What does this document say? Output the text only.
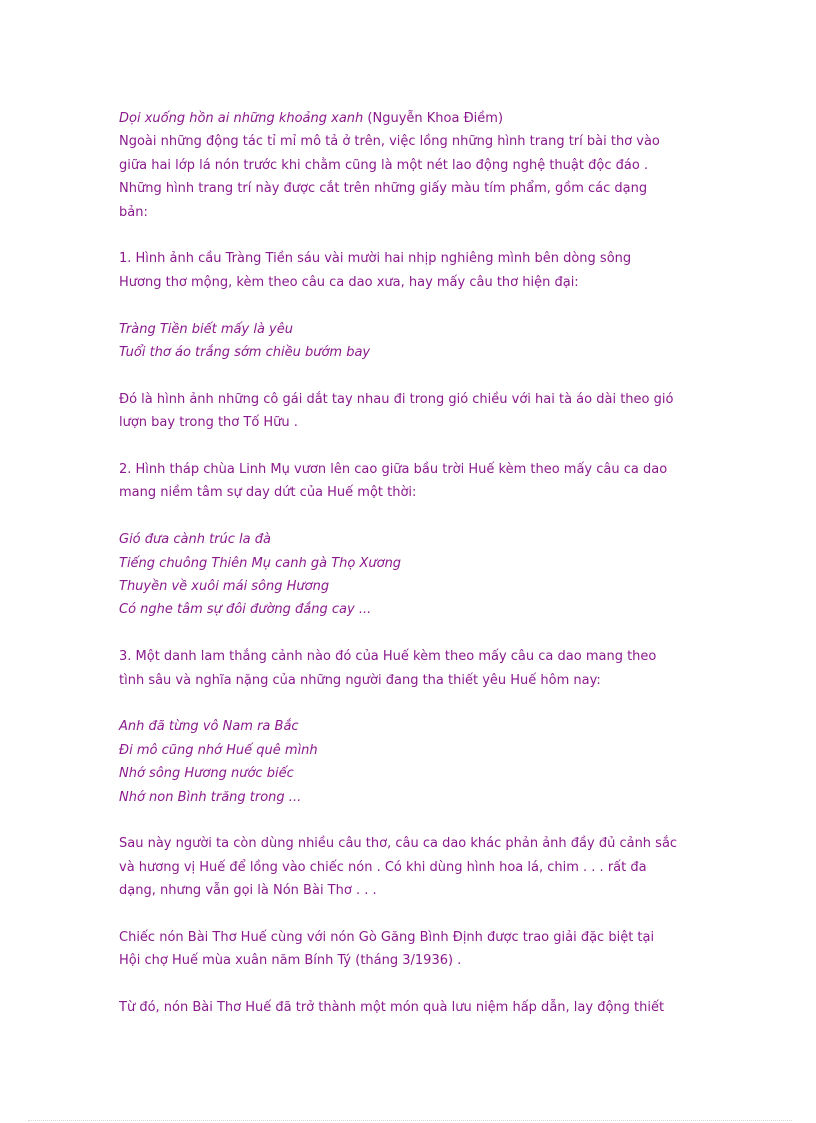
Dọi xuống hồn ai những khoảng xanh (Nguyễn Khoa Điềm)
Ngoài những động tác tỉ mỉ mô tả ở trên, việc lồng những hình trang trí bài thơ vào
giữa hai lớp lá nón trước khi chằm cũng là một nét lao động nghệ thuật độc đáo .
Những hình trang trí này được cắt trên những giấy màu tím phẩm, gồm các dạng
bản:
1. Hình ảnh cầu Tràng Tiền sáu vài mười hai nhịp nghiêng mình bên dòng sông
Hương thơ mộng, kèm theo câu ca dao xưa, hay mấy câu thơ hiện đại:
Tràng Tiền biết mấy là yêu
Tuổi thơ áo trắng sớm chiều bướm bay
Đó là hình ảnh những cô gái dắt tay nhau đi trong gió chiều với hai tà áo dài theo gió
lượn bay trong thơ Tố Hữu .
2. Hình tháp chùa Linh Mụ vươn lên cao giữa bầu trời Huế kèm theo mấy câu ca dao
mang niềm tâm sự day dứt của Huế một thời:
Gió đưa cành trúc la đà
Tiếng chuông Thiên Mụ canh gà Thọ Xương
Thuyền về xuôi mái sông Hương
Có nghe tâm sự đôi đường đắng cay ...
3. Một danh lam thắng cảnh nào đó của Huế kèm theo mấy câu ca dao mang theo
tình sâu và nghĩa nặng của những người đang tha thiết yêu Huế hôm nay:
Anh đã từng vô Nam ra Bắc
Đi mô cũng nhớ Huế quê mình
Nhớ sông Hương nước biếc
Nhớ non Bình trăng trong ...
Sau này người ta còn dùng nhiều câu thơ, câu ca dao khác phản ảnh đầy đủ cảnh sắc
và hương vị Huế để lồng vào chiếc nón . Có khi dùng hình hoa lá, chim . . . rất đa
dạng, nhưng vẫn gọi là Nón Bài Thơ . . .
Chiếc nón Bài Thơ Huế cùng với nón Gò Găng Bình Định được trao giải đặc biệt tại
Hội chợ Huế mùa xuân năm Bính Tý (tháng 3/1936) .
Từ đó, nón Bài Thơ Huế đã trở thành một món quà lưu niệm hấp dẫn, lay động thiết
